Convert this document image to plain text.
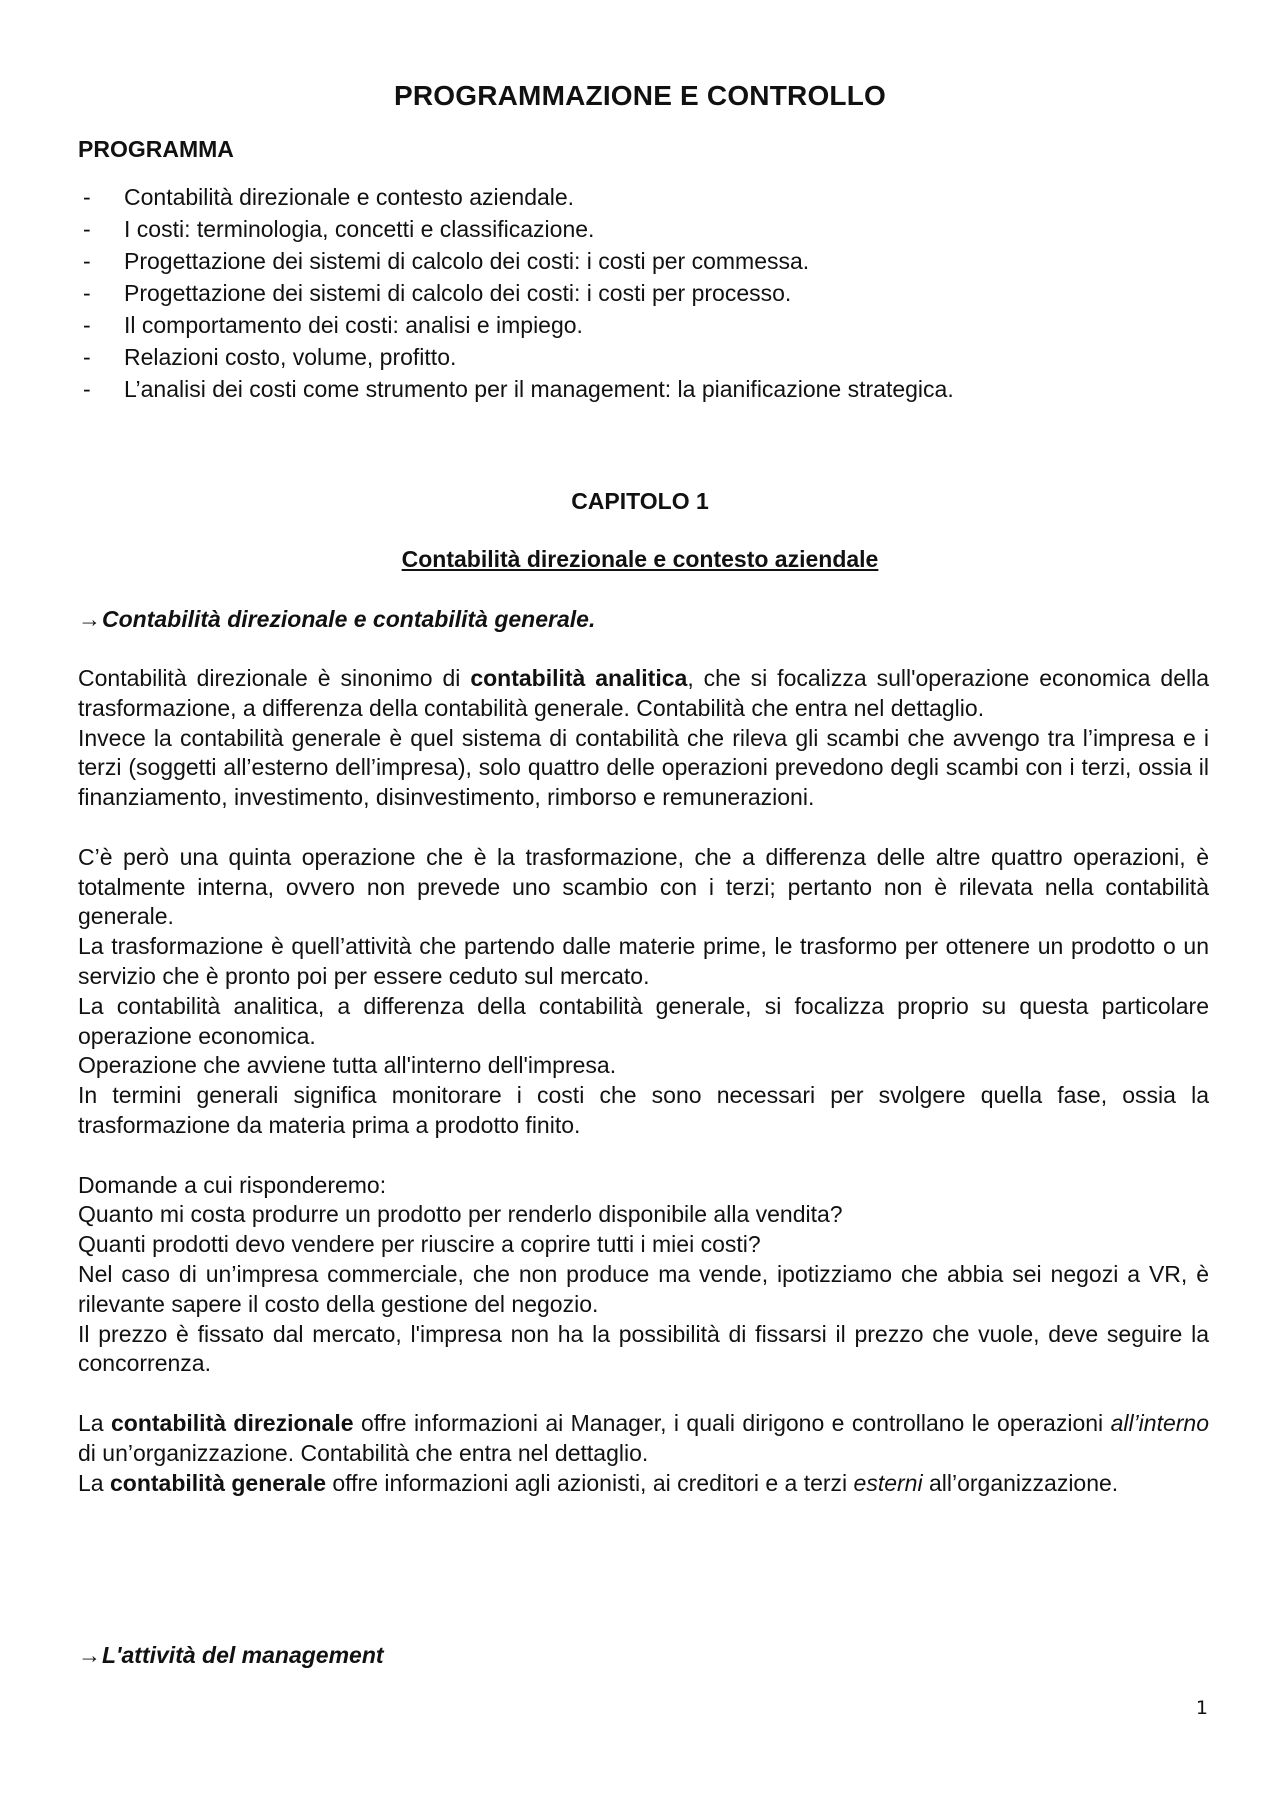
PROGRAMMAZIONE E CONTROLLO
PROGRAMMA
- Contabilità direzionale e contesto aziendale.
- I costi: terminologia, concetti e classificazione.
- Progettazione dei sistemi di calcolo dei costi: i costi per commessa.
- Progettazione dei sistemi di calcolo dei costi: i costi per processo.
- Il comportamento dei costi: analisi e impiego.
- Relazioni costo, volume, profitto.
- L’analisi dei costi come strumento per il management: la pianificazione strategica.
CAPITOLO 1
Contabilità direzionale e contesto aziendale
→Contabilità direzionale e contabilità generale.

Contabilità direzionale è sinonimo di contabilità analitica, che si focalizza sull'operazione economica della trasformazione, a differenza della contabilità generale. Contabilità che entra nel dettaglio.

Invece la contabilità generale è quel sistema di contabilità che rileva gli scambi che avvengo tra l’impresa e i terzi (soggetti all’esterno dell’impresa), solo quattro delle operazioni prevedono degli scambi con i terzi, ossia il finanziamento, investimento, disinvestimento, rimborso e remunerazioni.

C’è però una quinta operazione che è la trasformazione, che a differenza delle altre quattro operazioni, è totalmente interna, ovvero non prevede uno scambio con i terzi; pertanto non è rilevata nella contabilità generale.

La trasformazione è quell’attività che partendo dalle materie prime, le trasformo per ottenere un prodotto o un servizio che è pronto poi per essere ceduto sul mercato.

La contabilità analitica, a differenza della contabilità generale, si focalizza proprio su questa particolare operazione economica.

Operazione che avviene tutta all'interno dell'impresa.

In termini generali significa monitorare i costi che sono necessari per svolgere quella fase, ossia la trasformazione da materia prima a prodotto finito.

Domande a cui risponderemo:

Quanto mi costa produrre un prodotto per renderlo disponibile alla vendita?

Quanti prodotti devo vendere per riuscire a coprire tutti i miei costi?

Nel caso di un’impresa commerciale, che non produce ma vende, ipotizziamo che abbia sei negozi a VR, è rilevante sapere il costo della gestione del negozio.

Il prezzo è fissato dal mercato, l'impresa non ha la possibilità di fissarsi il prezzo che vuole, deve seguire la concorrenza.

La contabilità direzionale offre informazioni ai Manager, i quali dirigono e controllano le operazioni all’interno di un’organizzazione. Contabilità che entra nel dettaglio.

La contabilità generale offre informazioni agli azionisti, ai creditori e a terzi esterni all’organizzazione.

→L'attività del management
1
